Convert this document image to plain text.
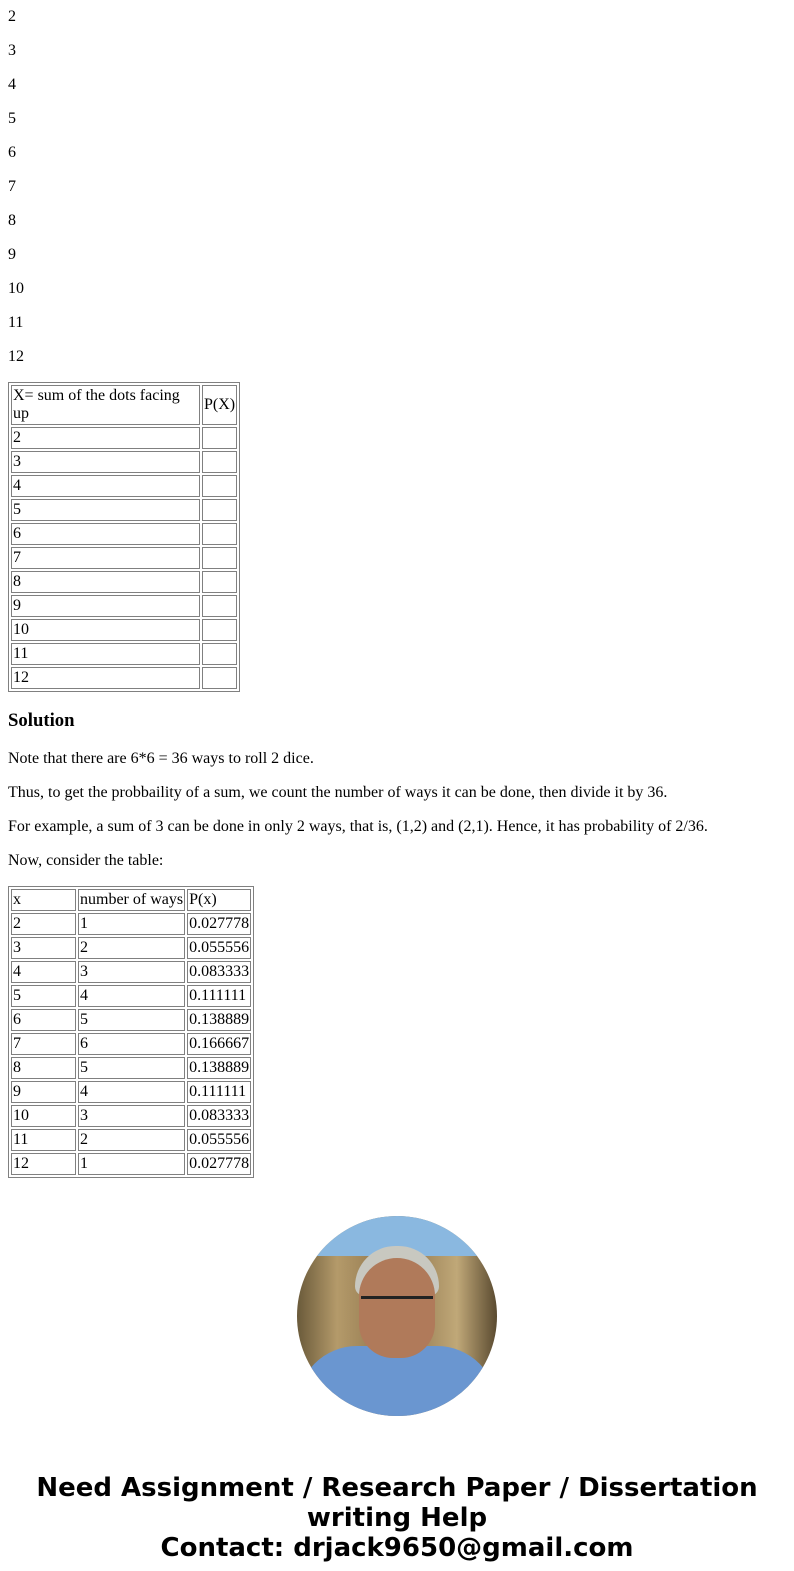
2

3

4

5

6

7

8

9

10

11

12

X= sum of the dots facing up	P(X)
2	
3	
4	
5	
6	
7	
8	
9	
10	
11	
12	
Solution

Note that there are 6*6 = 36 ways to roll 2 dice.

Thus, to get the probbaility of a sum, we count the number of ways it can be done, then divide it by 36.

For example, a sum of 3 can be done in only 2 ways, that is, (1,2) and (2,1). Hence, it has probability of 2/36.

Now, consider the table:

x	number of ways	P(x)
2	1	0.027778
3	2	0.055556
4	3	0.083333
5	4	0.111111
6	5	0.138889
7	6	0.166667
8	5	0.138889
9	4	0.111111
10	3	0.083333
11	2	0.055556
12	1	0.027778
Need Assignment / Research Paper / Dissertation writing Help
Contact: drjack9650@gmail.com
